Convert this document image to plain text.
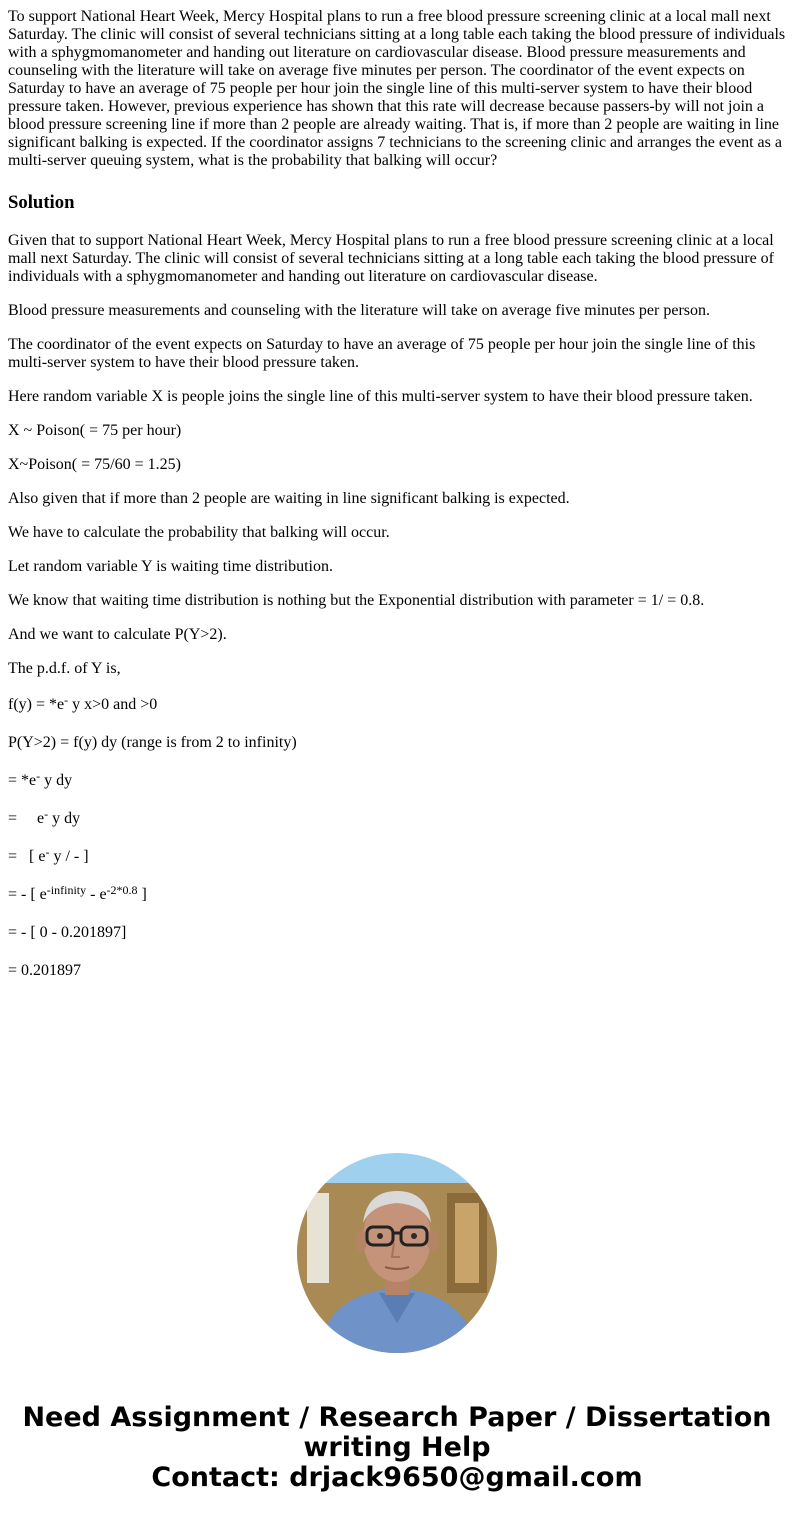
To support National Heart Week, Mercy Hospital plans to run a free blood pressure screening clinic at a local mall next Saturday. The clinic will consist of several technicians sitting at a long table each taking the blood pressure of individuals with a sphygmomanometer and handing out literature on cardiovascular disease. Blood pressure measurements and counseling with the literature will take on average five minutes per person. The coordinator of the event expects on Saturday to have an average of 75 people per hour join the single line of this multi-server system to have their blood pressure taken. However, previous experience has shown that this rate will decrease because passers-by will not join a blood pressure screening line if more than 2 people are already waiting. That is, if more than 2 people are waiting in line significant balking is expected. If the coordinator assigns 7 technicians to the screening clinic and arranges the event as a multi-server queuing system, what is the probability that balking will occur?

Solution

Given that to support National Heart Week, Mercy Hospital plans to run a free blood pressure screening clinic at a local mall next Saturday. The clinic will consist of several technicians sitting at a long table each taking the blood pressure of individuals with a sphygmomanometer and handing out literature on cardiovascular disease.

Blood pressure measurements and counseling with the literature will take on average five minutes per person.

The coordinator of the event expects on Saturday to have an average of 75 people per hour join the single line of this multi-server system to have their blood pressure taken.

Here random variable X is people joins the single line of this multi-server system to have their blood pressure taken.

X ~ Poison( = 75 per hour)

X~Poison( = 75/60 = 1.25)

Also given that if more than 2 people are waiting in line significant balking is expected.

We have to calculate the probability that balking will occur.

Let random variable Y is waiting time distribution.

We know that waiting time distribution is nothing but the Exponential distribution with parameter = 1/ = 0.8.

And we want to calculate P(Y>2).

The p.d.f. of Y is,

f(y) = *e- y x>0 and >0
P(Y>2) = f(y) dy (range is from 2 to infinity)
= *e- y dy
= e- y dy
= [ e- y / - ]
= - [ $e^{-infinity} - e^{-2*0.8}$ ]
= - [ 0 - 0.201897]
= 0.201897
Need Assignment / Research Paper / Dissertation
writing Help
Contact: drjack9650@gmail.com
